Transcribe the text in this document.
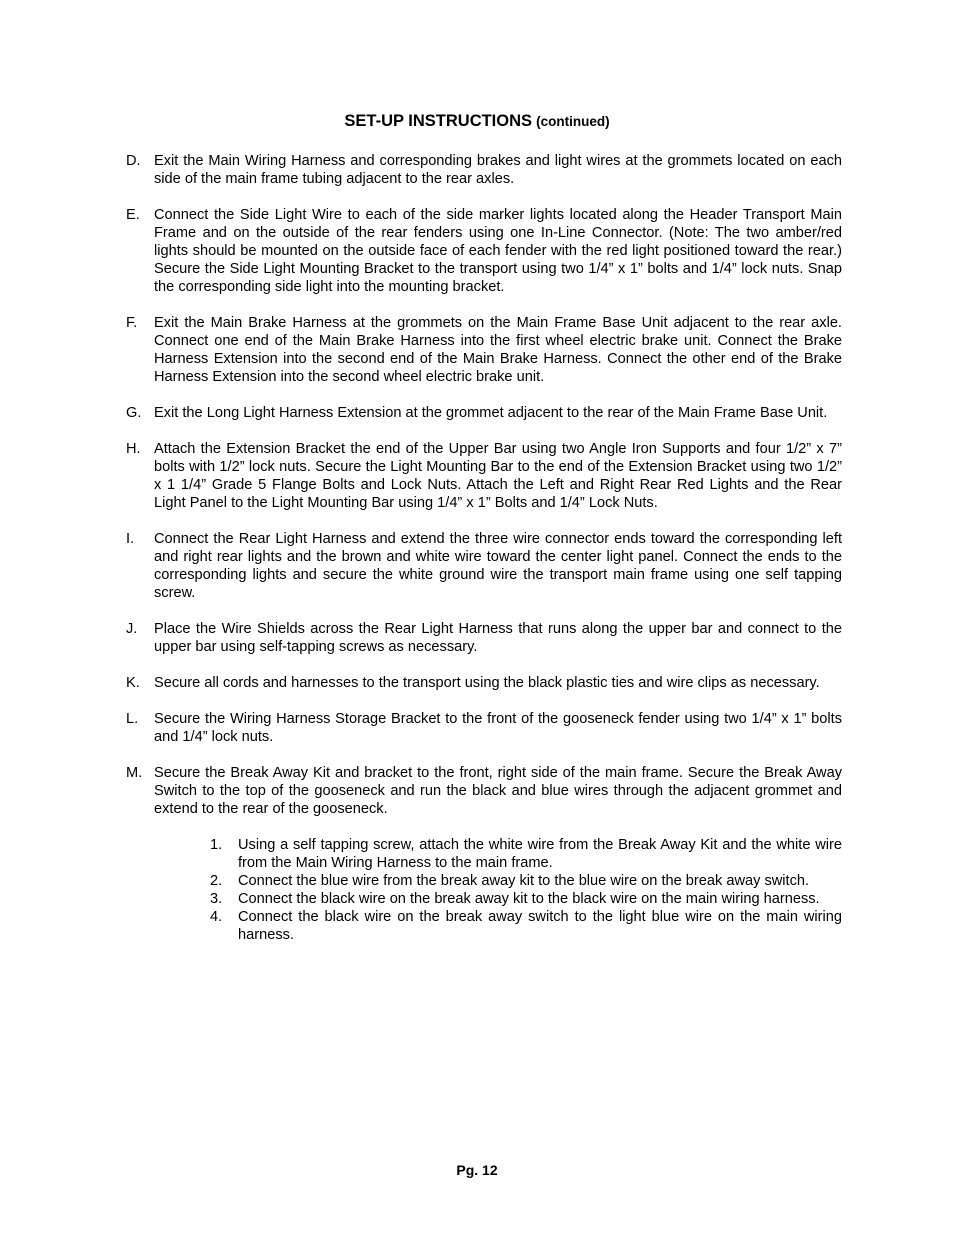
SET-UP INSTRUCTIONS (continued)
D. Exit the Main Wiring Harness and corresponding brakes and light wires at the grommets located on each side of the main frame tubing adjacent to the rear axles.
E. Connect the Side Light Wire to each of the side marker lights located along the Header Transport Main Frame and on the outside of the rear fenders using one In-Line Connector. (Note: The two amber/red lights should be mounted on the outside face of each fender with the red light positioned toward the rear.) Secure the Side Light Mounting Bracket to the transport using two 1/4” x 1” bolts and 1/4” lock nuts. Snap the corresponding side light into the mounting bracket.
F.	Exit the Main Brake Harness at the grommets on the Main Frame Base Unit adjacent to the rear axle. Connect one end of the Main Brake Harness into the first wheel electric brake unit. Connect the Brake Harness Extension into the second end of the Main Brake Harness. Connect the other end of the Brake Harness Extension into the second wheel electric brake unit.
G. Exit the Long Light Harness Extension at the grommet adjacent to the rear of the Main Frame Base Unit.
H. Attach the Extension Bracket the end of the Upper Bar using two Angle Iron Supports and four 1/2” x 7” bolts with 1/2” lock nuts. Secure the Light Mounting Bar to the end of the Extension Bracket using two 1/2” x 1 1/4” Grade 5 Flange Bolts and Lock Nuts. Attach the Left and Right Rear Red Lights and the Rear Light Panel to the Light Mounting Bar using 1/4” x 1” Bolts and 1/4” Lock Nuts.
I.	Connect the Rear Light Harness and extend the three wire connector ends toward the corresponding left and right rear lights and the brown and white wire toward the center light panel. Connect the ends to the corresponding lights and secure the white ground wire the transport main frame using one self tapping screw.
J.	Place the Wire Shields across the Rear Light Harness that runs along the upper bar and connect to the upper bar using self-tapping screws as necessary.
K. Secure all cords and harnesses to the transport using the black plastic ties and wire clips as necessary.
L.	Secure the Wiring Harness Storage Bracket to the front of the gooseneck fender using two 1/4” x 1” bolts and 1/4” lock nuts.
M. Secure the Break Away Kit and bracket to the front, right side of the main frame. Secure the Break Away Switch to the top of the gooseneck and run the black and blue wires through the adjacent grommet and extend to the rear of the gooseneck.
1.	Using a self tapping screw, attach the white wire from the Break Away Kit and the white wire from the Main Wiring Harness to the main frame.
2.	Connect the blue wire from the break away kit to the blue wire on the break away switch.
3.	Connect the black wire on the break away kit to the black wire on the main wiring harness.
4.	Connect the black wire on the break away switch to the light blue wire on the main wiring harness.
Pg. 12
